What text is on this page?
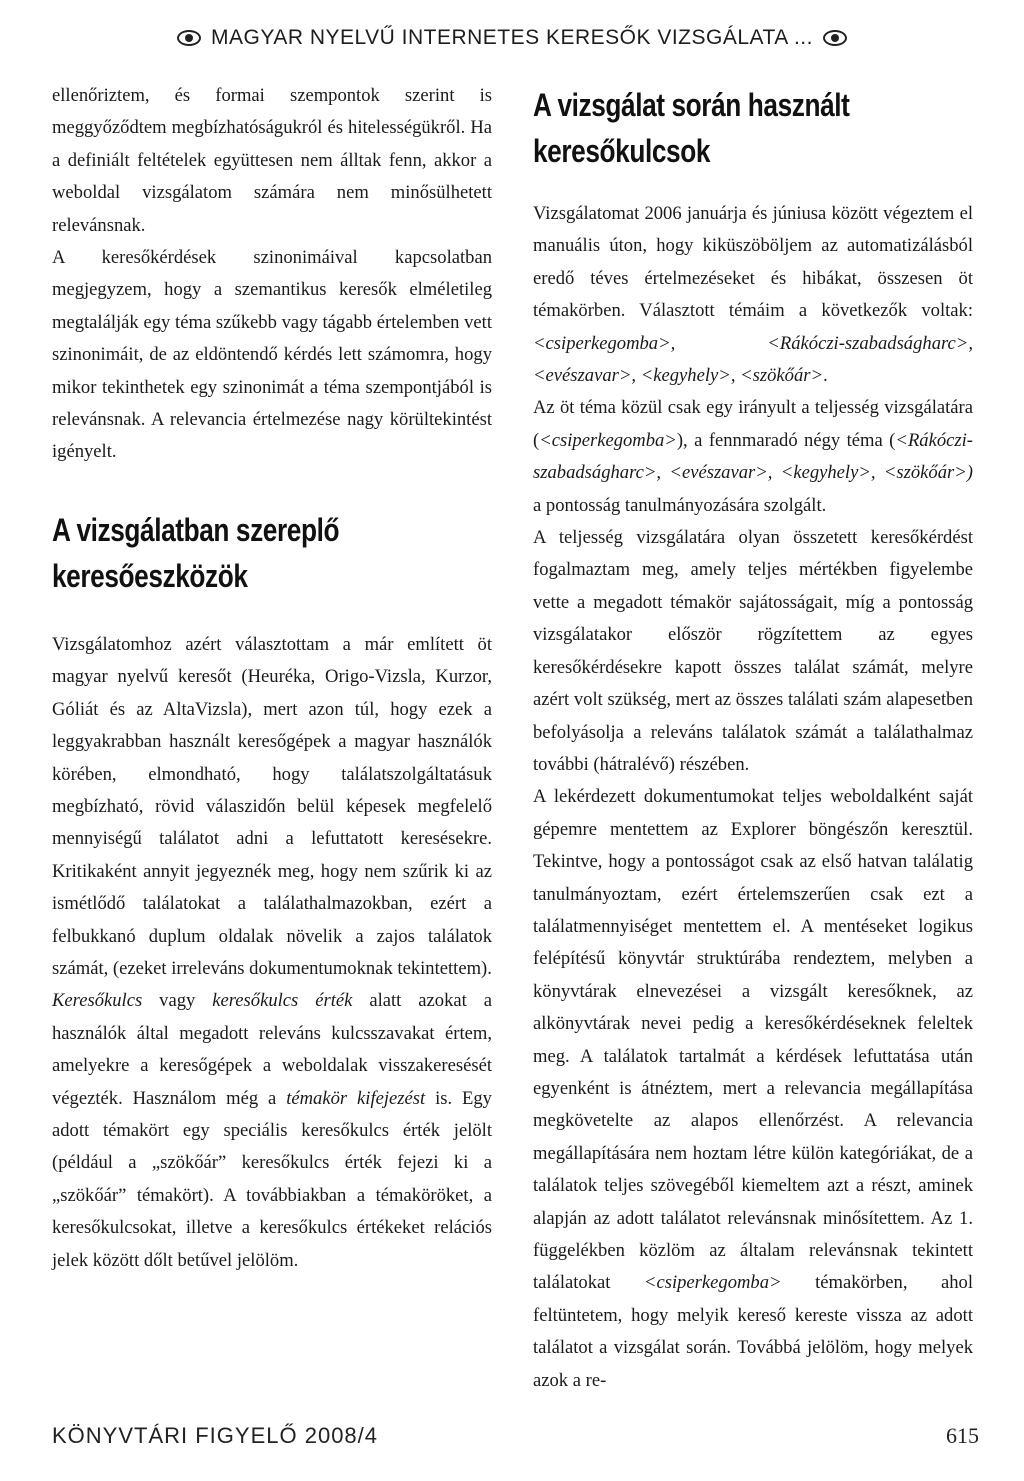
MAGYAR NYELVŰ INTERNETES KERESŐK VIZSGÁLATA ...

ellenőriztem, és formai szempontok szerint is meggyőződtem megbízhatóságukról és hitelességükről. Ha a definiált feltételek együttesen nem álltak fenn, akkor a weboldal vizsgálatom számára nem minősülhetett relevánsnak.

A keresőkérdések szinonimáival kapcsolatban megjegyzem, hogy a szemantikus keresők elméletileg megtalálják egy téma szűkebb vagy tágabb értelemben vett szinonimáit, de az eldöntendő kérdés lett számomra, hogy mikor tekinthetek egy szinonimát a téma szempontjából is relevánsnak. A relevancia értelmezése nagy körültekintést igényelt.

A vizsgálatban szereplő keresőeszközök

Vizsgálatomhoz azért választottam a már említett öt magyar nyelvű keresőt (Heuréka, Origo-Vizsla, Kurzor, Góliát és az AltaVizsla), mert azon túl, hogy ezek a leggyakrabban használt keresőgépek a magyar használók körében, elmondható, hogy találatszolgáltatásuk megbízható, rövid válaszidőn belül képesek megfelelő mennyiségű találatot adni a lefuttatott keresésekre. Kritikaként annyit jegyeznék meg, hogy nem szűrik ki az ismétlődő találatokat a találathalmazokban, ezért a felbukkanó duplum oldalak növelik a zajos találatok számát, (ezeket irreleváns dokumentumoknak tekintettem).

Keresőkulcs vagy keresőkulcs érték alatt azokat a használók által megadott releváns kulcsszavakat értem, amelyekre a keresőgépek a weboldalak visszakeresését végezték. Használom még a témakör kifejezést is. Egy adott témakört egy speciális keresőkulcs érték jelölt (például a „szökőár” keresőkulcs érték fejezi ki a „szökőár” témakört). A továbbiakban a témaköröket, a keresőkulcsokat, illetve a keresőkulcs értékeket relációs jelek között dőlt betűvel jelölöm.

A vizsgálat során használt keresőkulcsok

Vizsgálatomat 2006 januárja és júniusa között végeztem el manuális úton, hogy kiküszöböljem az automatizálásból eredő téves értelmezéseket és hibákat, összesen öt témakörben. Választott témáim a következők voltak: <csiperkegomba>, <Rákóczi-szabadságharc>, <evészavar>, <kegyhely>, <szökőár>.

Az öt téma közül csak egy irányult a teljesség vizsgálatára (<csiperkegomba>), a fennmaradó négy téma (<Rákóczi-szabadságharc>, <evészavar>, <kegyhely>, <szökőár>) a pontosság tanulmányozására szolgált.

A teljesség vizsgálatára olyan összetett keresőkérdést fogalmaztam meg, amely teljes mértékben figyelembe vette a megadott témakör sajátosságait, míg a pontosság vizsgálatakor először rögzítettem az egyes keresőkérdésekre kapott összes találat számát, melyre azért volt szükség, mert az összes találati szám alapesetben befolyásolja a releváns találatok számát a találathalmaz további (hátralévő) részében.

A lekérdezett dokumentumokat teljes weboldalként saját gépemre mentettem az Explorer böngészőn keresztül. Tekintve, hogy a pontosságot csak az első hatvan találatig tanulmányoztam, ezért értelemszerűen csak ezt a találatmennyiséget mentettem el. A mentéseket logikus felépítésű könyvtár struktúrába rendeztem, melyben a könyvtárak elnevezései a vizsgált keresőknek, az alkönyvtárak nevei pedig a keresőkérdéseknek feleltek meg. A találatok tartalmát a kérdések lefuttatása után egyenként is átnéztem, mert a relevancia megállapítása megkövetelte az alapos ellenőrzést. A relevancia megállapítására nem hoztam létre külön kategóriákat, de a találatok teljes szövegéből kiemeltem azt a részt, aminek alapján az adott találatot relevánsnak minősítettem. Az 1. függelékben közlöm az általam relevánsnak tekintett találatokat <csiperkegomba> témakörben, ahol feltüntetem, hogy melyik kereső kereste vissza az adott találatot a vizsgálat során. Továbbá jelölöm, hogy melyek azok a re-

KÖNYVTÁRI FIGYELŐ 2008/4	615
